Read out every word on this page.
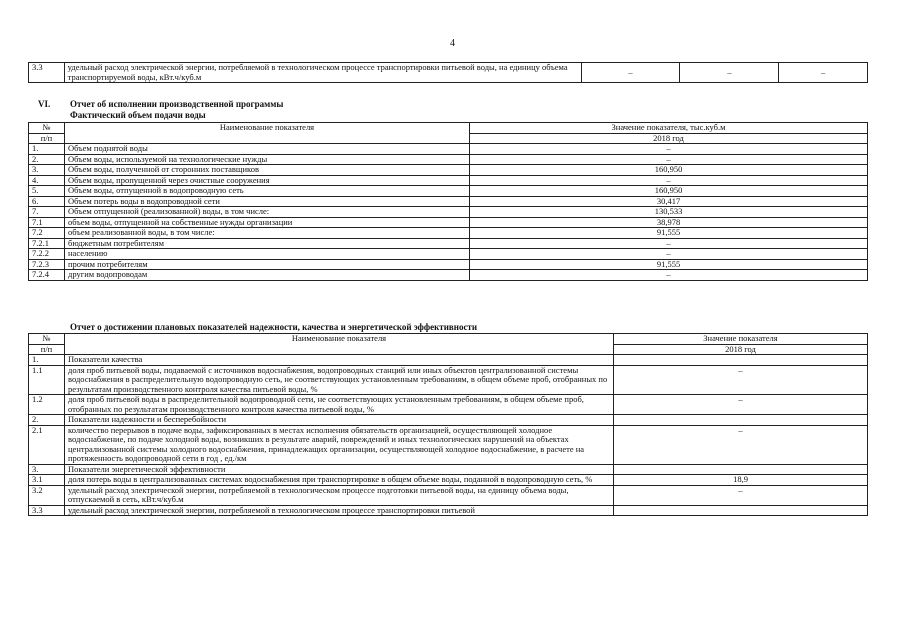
4
3.3	удельный расход электрической энергии, потребляемой в технологическом процессе транспортировки питьевой воды, на единицу объема транспортируемой воды, кВт.ч/куб.м	–	–	–
VI. Отчет об исполнении производственной программы
Фактический объем подачи воды
№	Наименование показателя	Значение показателя, тыс.куб.м
п/п		2018 год
1.	Объем поднятой воды	–
2.	Объем воды, используемой на технологические нужды	–
3.	Объем воды, полученной от сторонних поставщиков	160,950
4.	Объем воды, пропущенной через очистные сооружения	–
5.	Объем воды, отпущенной в водопроводную сеть	160,950
6.	Объем потерь воды в водопроводной сети	30,417
7.	Объем отпущенной (реализованной) воды, в том числе:	130,533
7.1	объем воды, отпущенной на собственные нужды организации	38,978
7.2	объем реализованной воды, в том числе:	91,555
7.2.1	бюджетным потребителям	–
7.2.2	населению	–
7.2.3	прочим потребителям	91,555
7.2.4	другим водопроводам	–
Отчет о достижении плановых показателей надежности, качества и энергетической эффективности
№	Наименование показателя	Значение показателя
п/п		2018 год
1.	Показатели качества	
1.1	доля проб питьевой воды, подаваемой с источников водоснабжения, водопроводных станций или иных объектов централизованной системы водоснабжения в распределительную водопроводную сеть, не соответствующих установленным требованиям, в общем объеме проб, отобранных по результатам производственного контроля качества питьевой воды, %	–
1.2	доля проб питьевой воды в распределительной водопроводной сети, не соответствующих установленным требованиям, в общем объеме проб, отобранных по результатам производственного контроля качества питьевой воды, %	–
2.	Показатели надежности и бесперебойности	
2.1	количество перерывов в подаче воды, зафиксированных в местах исполнения обязательств организацией, осуществляющей холодное водоснабжение, по подаче холодной воды, возникших в результате аварий, повреждений и иных технологических нарушений на объектах централизованной системы холодного водоснабжения, принадлежащих организации, осуществляющей холодное водоснабжение, в расчете на протяженность водопроводной сети в год , ед./км	–
3.	Показатели энергетической эффективности	
3.1	доля потерь воды в централизованных системах водоснабжения при транспортировке в общем объеме воды, поданной в водопроводную сеть, %	18,9
3.2	удельный расход электрической энергии, потребляемой в технологическом процессе подготовки питьевой воды, на единицу объема воды, отпускаемой в сеть, кВт.ч/куб.м	–
3.3	удельный расход электрической энергии, потребляемой в технологическом процессе транспортировки питьевой	
